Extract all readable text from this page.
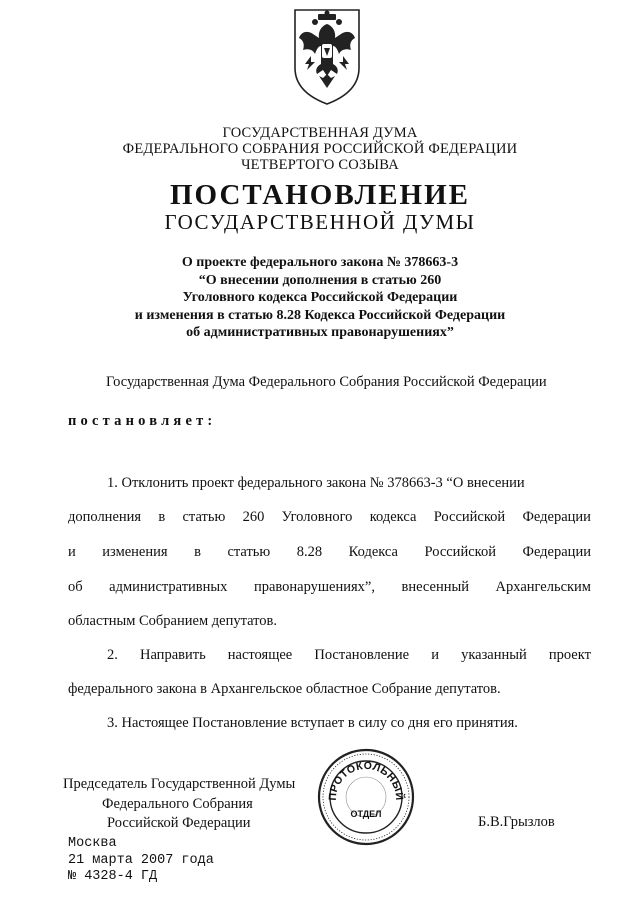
ГОСУДАРСТВЕННАЯ ДУМА
ФЕДЕРАЛЬНОГО СОБРАНИЯ РОССИЙСКОЙ ФЕДЕРАЦИИ
ЧЕТВЕРТОГО СОЗЫВА
ПОСТАНОВЛЕНИЕ
ГОСУДАРСТВЕННОЙ ДУМЫ
О проекте федерального закона № 378663-3
“О внесении дополнения в статью 260
Уголовного кодекса Российской Федерации
и изменения в статью 8.28 Кодекса Российской Федерации
об административных правонарушениях”
Государственная Дума Федерального Собрания Российской Федерации
постановляет:
1. Отклонить проект федерального закона № 378663-3 “О внесении
дополнения в статью 260 Уголовного кодекса Российской Федерации
и изменения в статью 8.28 Кодекса Российской Федерации
об административных правонарушениях”, внесенный Архангельским
областным Собранием депутатов.
2. Направить настоящее Постановление и указанный проект
федерального закона в Архангельское областное Собрание депутатов.
3. Настоящее Постановление вступает в силу со дня его принятия.
Председатель Государственной Думы
Федерального Собрания
Российской Федерации	Б.В.Грызлов
ПРОТОКОЛЬНЫЙ
ОТДЕЛ
Москва
21 марта 2007 года
№ 4328-4 ГД
